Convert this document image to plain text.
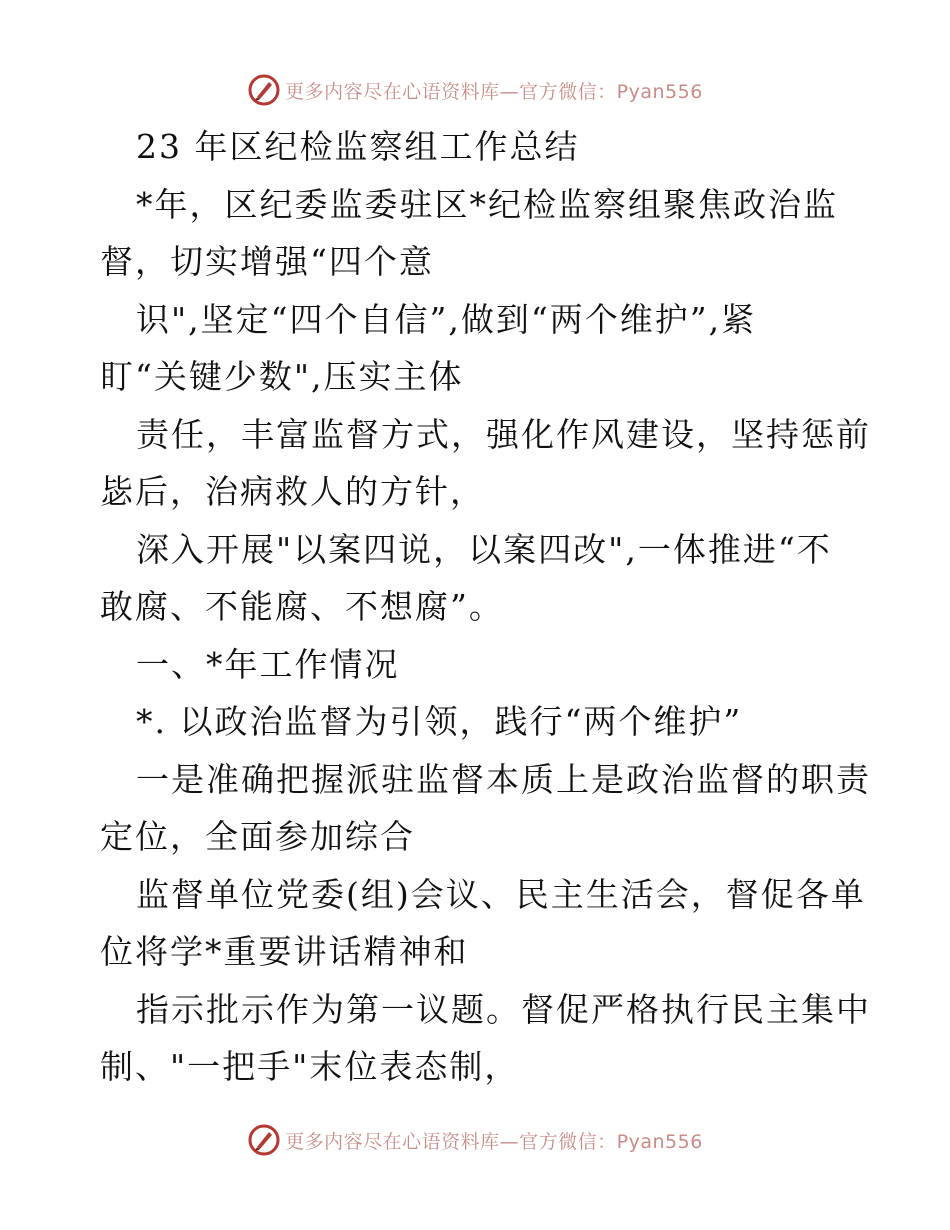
更多内容尽在心语资料库—官方微信：Pyan556
23 年区纪检监察组工作总结
*年，区纪委监委驻区*纪检监察组聚焦政治监
督，切实增强“四个意
识",坚定“四个自信”,做到“两个维护”,紧
盯“关键少数",压实主体
责任，丰富监督方式，强化作风建设，坚持惩前
毖后，治病救人的方针，
深入开展"以案四说，以案四改",一体推进“不
敢腐、不能腐、不想腐”。
一、*年工作情况
*. 以政治监督为引领，践行“两个维护”
一是准确把握派驻监督本质上是政治监督的职责
定位，全面参加综合
监督单位党委(组)会议、民主生活会，督促各单
位将学*重要讲话精神和
指示批示作为第一议题。督促严格执行民主集中
制、"一把手"末位表态制，
更多内容尽在心语资料库—官方微信：Pyan556
